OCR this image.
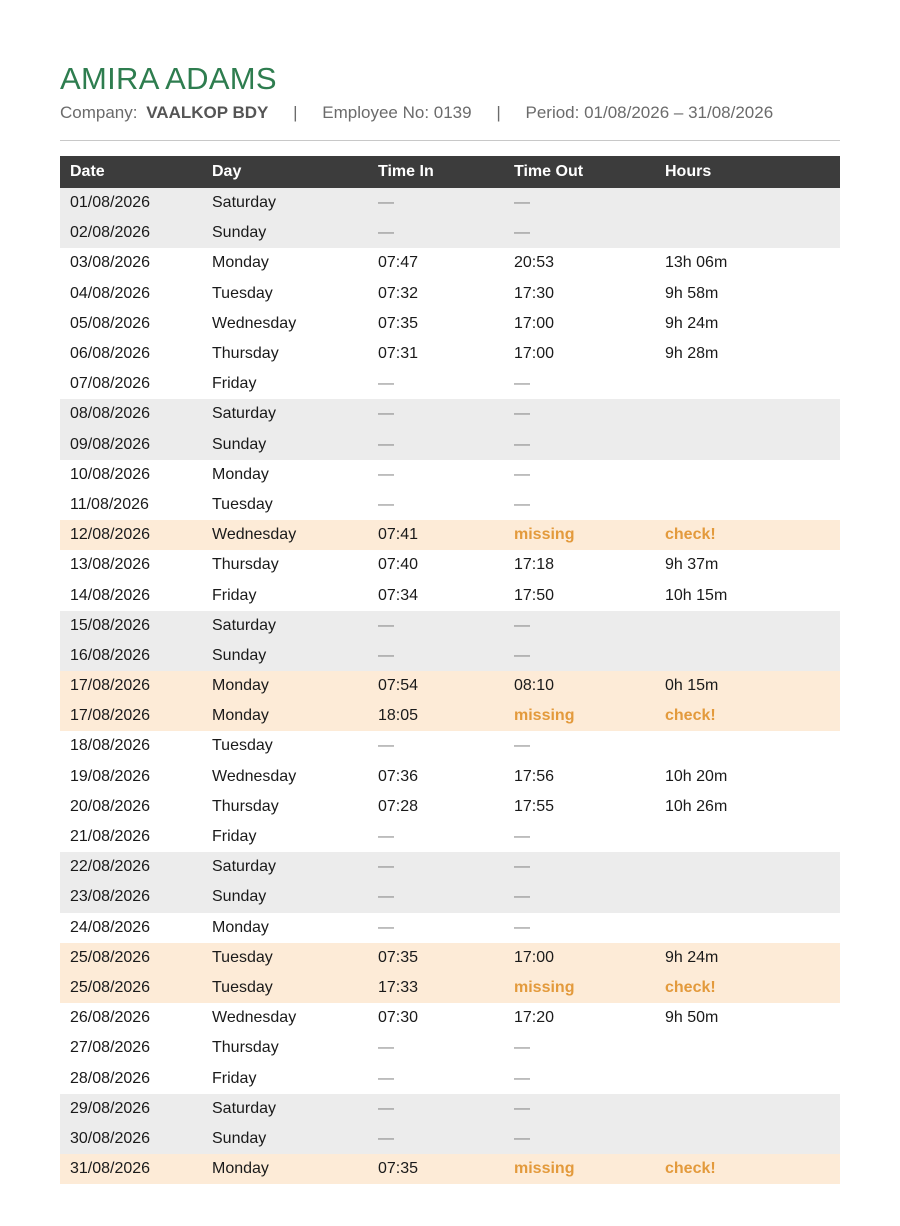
AMIRA ADAMS
Company: VAALKOP BDY | Employee No: 0139 | Period: 01/08/2026 – 31/08/2026
Date	Day	Time In	Time Out	Hours
01/08/2026	Saturday	—	—	
02/08/2026	Sunday	—	—	
03/08/2026	Monday	07:47	20:53	13h 06m
04/08/2026	Tuesday	07:32	17:30	9h 58m
05/08/2026	Wednesday	07:35	17:00	9h 24m
06/08/2026	Thursday	07:31	17:00	9h 28m
07/08/2026	Friday	—	—	
08/08/2026	Saturday	—	—	
09/08/2026	Sunday	—	—	
10/08/2026	Monday	—	—	
11/08/2026	Tuesday	—	—	
12/08/2026	Wednesday	07:41	missing	check!
13/08/2026	Thursday	07:40	17:18	9h 37m
14/08/2026	Friday	07:34	17:50	10h 15m
15/08/2026	Saturday	—	—	
16/08/2026	Sunday	—	—	
17/08/2026	Monday	07:54	08:10	0h 15m
17/08/2026	Monday	18:05	missing	check!
18/08/2026	Tuesday	—	—	
19/08/2026	Wednesday	07:36	17:56	10h 20m
20/08/2026	Thursday	07:28	17:55	10h 26m
21/08/2026	Friday	—	—	
22/08/2026	Saturday	—	—	
23/08/2026	Sunday	—	—	
24/08/2026	Monday	—	—	
25/08/2026	Tuesday	07:35	17:00	9h 24m
25/08/2026	Tuesday	17:33	missing	check!
26/08/2026	Wednesday	07:30	17:20	9h 50m
27/08/2026	Thursday	—	—	
28/08/2026	Friday	—	—	
29/08/2026	Saturday	—	—	
30/08/2026	Sunday	—	—	
31/08/2026	Monday	07:35	missing	check!
